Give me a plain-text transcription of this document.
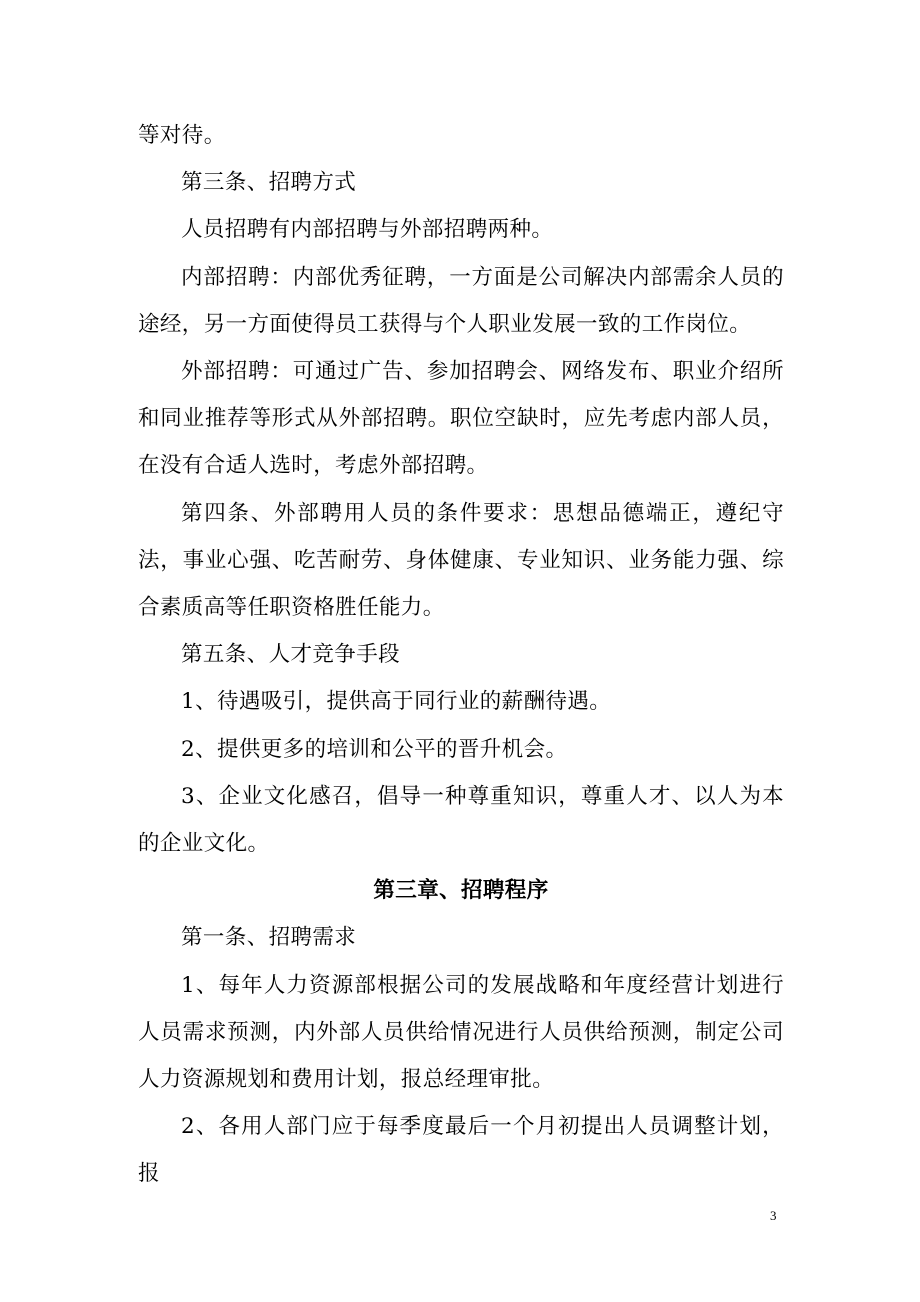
等对待。

第三条、招聘方式

人员招聘有内部招聘与外部招聘两种。

内部招聘：内部优秀征聘，一方面是公司解决内部需余人员的途经，另一方面使得员工获得与个人职业发展一致的工作岗位。

外部招聘：可通过广告、参加招聘会、网络发布、职业介绍所和同业推荐等形式从外部招聘。职位空缺时，应先考虑内部人员，在没有合适人选时，考虑外部招聘。

第四条、外部聘用人员的条件要求：思想品德端正，遵纪守法，事业心强、吃苦耐劳、身体健康、专业知识、业务能力强、综合素质高等任职资格胜任能力。

第五条、人才竞争手段

1、待遇吸引，提供高于同行业的薪酬待遇。

2、提供更多的培训和公平的晋升机会。

3、企业文化感召，倡导一种尊重知识，尊重人才、以人为本的企业文化。

第三章、招聘程序

第一条、招聘需求

1、每年人力资源部根据公司的发展战略和年度经营计划进行人员需求预测，内外部人员供给情况进行人员供给预测，制定公司人力资源规划和费用计划，报总经理审批。

2、各用人部门应于每季度最后一个月初提出人员调整计划，报

3
